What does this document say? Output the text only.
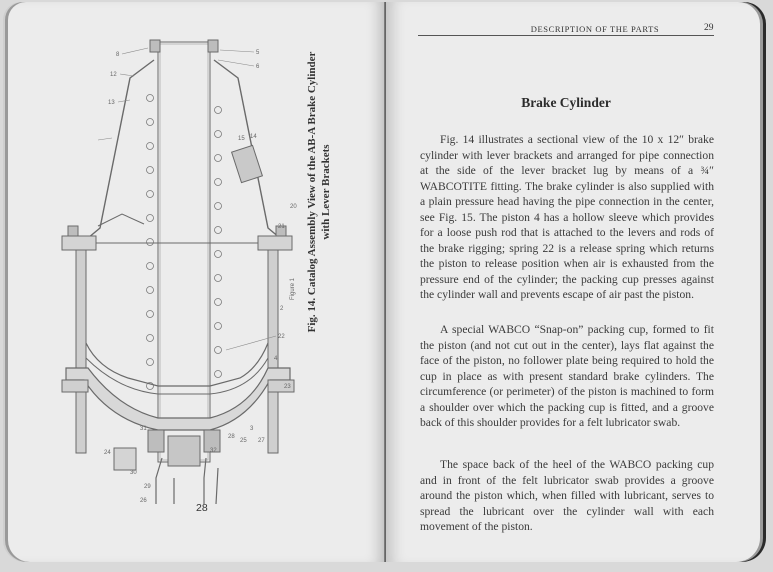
8	5
6
12
13
15 14
20
21
2
22
4
23
24
31
30
29
26
32
28
25 27
3
Figure 1 Fig. 14. Catalog Assembly View of the AB-A Brake Cylinder with Lever Brackets
28
DESCRIPTION OF THE PARTS	29
Brake Cylinder

Fig. 14 illustrates a sectional view of the 10 x 12″ brake cylinder with lever brackets and arranged for pipe connection at the side of the lever bracket lug by means of a ¾″ WABCOTITE fitting. The brake cylinder is also supplied with a plain pressure head having the pipe connection in the center, see Fig. 15. The piston 4 has a hollow sleeve which provides for a loose push rod that is attached to the levers and rods of the brake rigging; spring 22 is a release spring which returns the piston to release position when air is exhausted from the pressure end of the cylinder; the packing cup presses against the cylinder wall and prevents escape of air past the piston.

A special WABCO “Snap-on” packing cup, formed to fit the piston (and not cut out in the center), lays flat against the face of the piston, no follower plate being required to hold the cup in place as with present standard brake cylinders. The circumference (or perimeter) of the piston is machined to form a shoulder over which the packing cup is fitted, and a groove back of this shoulder provides for a felt lubricator swab.

The space back of the heel of the WABCO packing cup and in front of the felt lubricator swab provides a groove around the piston which, when filled with lubricant, serves to spread the lubricant over the cylinder wall with each movement of the piston.
